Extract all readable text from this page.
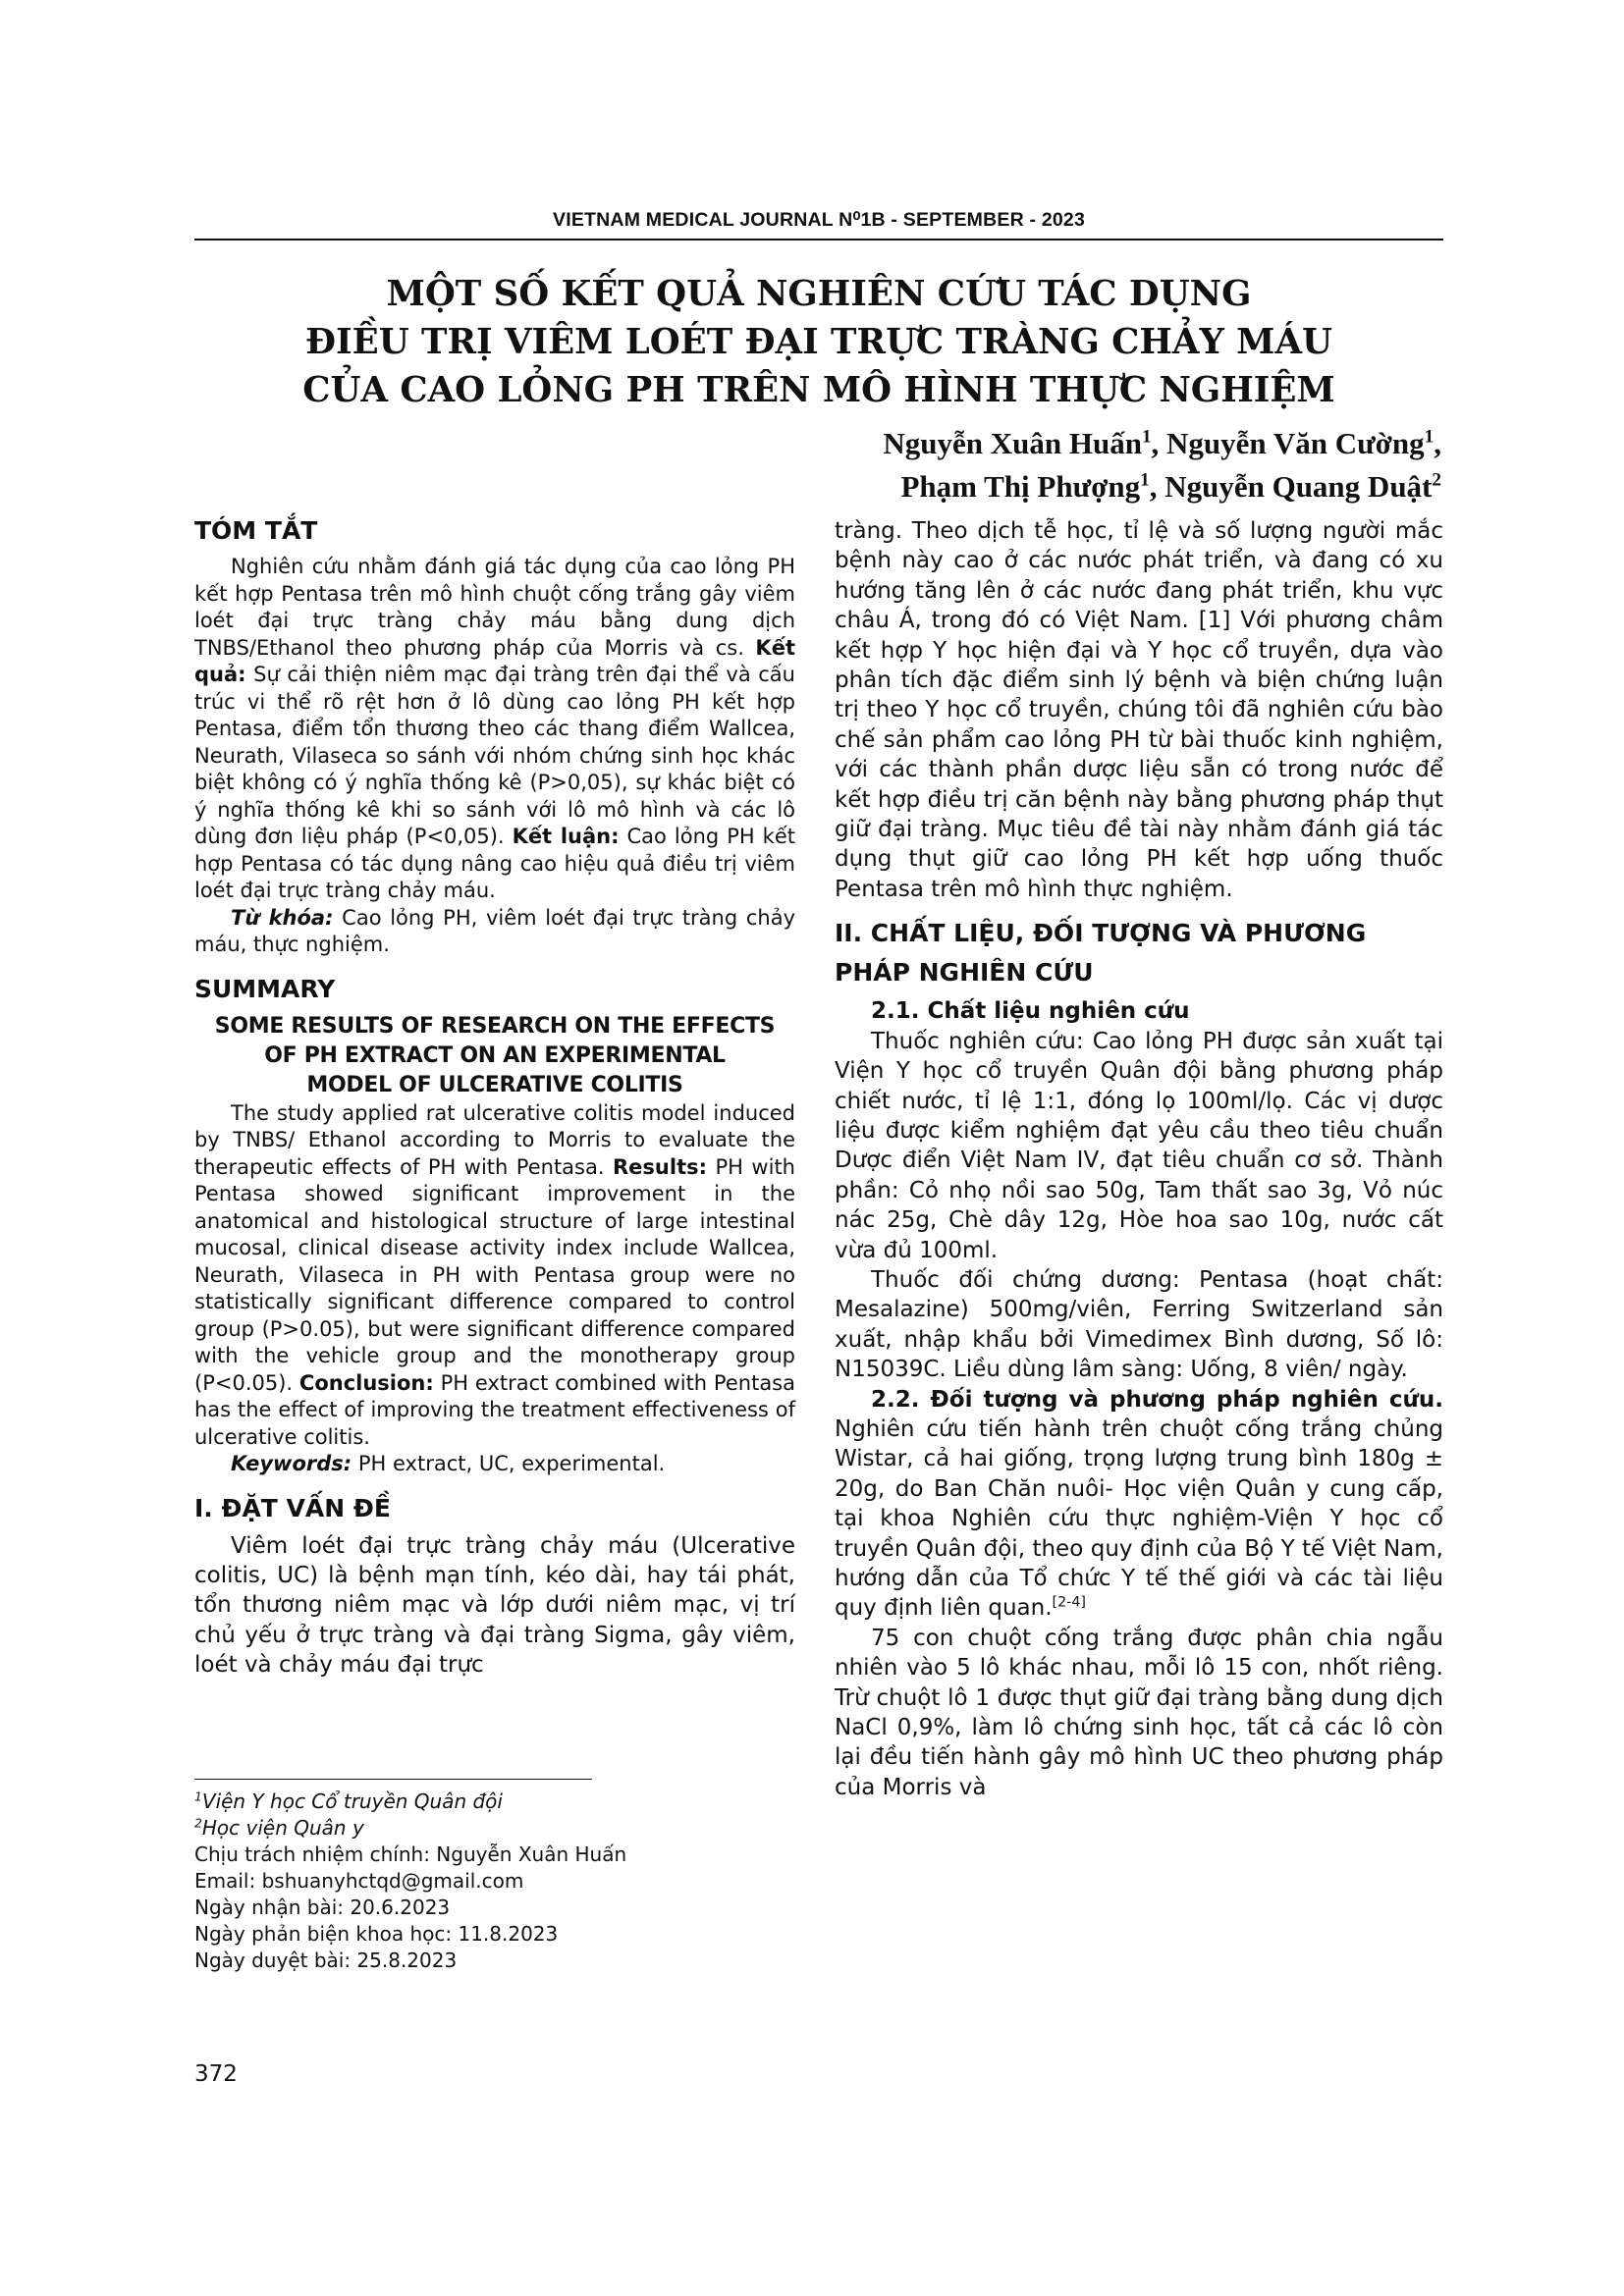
VIETNAM MEDICAL JOURNAL N⁰1B - SEPTEMBER - 2023
MỘT SỐ KẾT QUẢ NGHIÊN CỨU TÁC DỤNG
ĐIỀU TRỊ VIÊM LOÉT ĐẠI TRỰC TRÀNG CHẢY MÁU
CỦA CAO LỎNG PH TRÊN MÔ HÌNH THỰC NGHIỆM
Nguyễn Xuân Huấn$^1$, Nguyễn Văn Cường$^1$,
Phạm Thị Phượng$^1$, Nguyễn Quang Duật$^2$
TÓM TẮT

Nghiên cứu nhằm đánh giá tác dụng của cao lỏng PH kết hợp Pentasa trên mô hình chuột cống trắng gây viêm loét đại trực tràng chảy máu bằng dung dịch TNBS/Ethanol theo phương pháp của Morris và cs. Kết quả: Sự cải thiện niêm mạc đại tràng trên đại thể và cấu trúc vi thể rõ rệt hơn ở lô dùng cao lỏng PH kết hợp Pentasa, điểm tổn thương theo các thang điểm Wallcea, Neurath, Vilaseca so sánh với nhóm chứng sinh học khác biệt không có ý nghĩa thống kê (P>0,05), sự khác biệt có ý nghĩa thống kê khi so sánh với lô mô hình và các lô dùng đơn liệu pháp (P<0,05). Kết luận: Cao lỏng PH kết hợp Pentasa có tác dụng nâng cao hiệu quả điều trị viêm loét đại trực tràng chảy máu.

Từ khóa: Cao lỏng PH, viêm loét đại trực tràng chảy máu, thực nghiệm.

SUMMARY
SOME RESULTS OF RESEARCH ON THE EFFECTS
OF PH EXTRACT ON AN EXPERIMENTAL
MODEL OF ULCERATIVE COLITIS

The study applied rat ulcerative colitis model induced by TNBS/ Ethanol according to Morris to evaluate the therapeutic effects of PH with Pentasa. Results: PH with Pentasa showed significant improvement in the anatomical and histological structure of large intestinal mucosal, clinical disease activity index include Wallcea, Neurath, Vilaseca in PH with Pentasa group were no statistically significant difference compared to control group (P>0.05), but were significant difference compared with the vehicle group and the monotherapy group (P<0.05). Conclusion: PH extract combined with Pentasa has the effect of improving the treatment effectiveness of ulcerative colitis.

Keywords: PH extract, UC, experimental.

I. ĐẶT VẤN ĐỀ

Viêm loét đại trực tràng chảy máu (Ulcerative colitis, UC) là bệnh mạn tính, kéo dài, hay tái phát, tổn thương niêm mạc và lớp dưới niêm mạc, vị trí chủ yếu ở trực tràng và đại tràng Sigma, gây viêm, loét và chảy máu đại trực

tràng. Theo dịch tễ học, tỉ lệ và số lượng người mắc bệnh này cao ở các nước phát triển, và đang có xu hướng tăng lên ở các nước đang phát triển, khu vực châu Á, trong đó có Việt Nam. [1] Với phương châm kết hợp Y học hiện đại và Y học cổ truyền, dựa vào phân tích đặc điểm sinh lý bệnh và biện chứng luận trị theo Y học cổ truyền, chúng tôi đã nghiên cứu bào chế sản phẩm cao lỏng PH từ bài thuốc kinh nghiệm, với các thành phần dược liệu sẵn có trong nước để kết hợp điều trị căn bệnh này bằng phương pháp thụt giữ đại tràng. Mục tiêu đề tài này nhằm đánh giá tác dụng thụt giữ cao lỏng PH kết hợp uống thuốc Pentasa trên mô hình thực nghiệm.

II. CHẤT LIỆU, ĐỐI TƯỢNG VÀ PHƯƠNG PHÁP NGHIÊN CỨU
2.1. Chất liệu nghiên cứu

Thuốc nghiên cứu: Cao lỏng PH được sản xuất tại Viện Y học cổ truyền Quân đội bằng phương pháp chiết nước, tỉ lệ 1:1, đóng lọ 100ml/lọ. Các vị dược liệu được kiểm nghiệm đạt yêu cầu theo tiêu chuẩn Dược điển Việt Nam IV, đạt tiêu chuẩn cơ sở. Thành phần: Cỏ nhọ nồi sao 50g, Tam thất sao 3g, Vỏ núc nác 25g, Chè dây 12g, Hòe hoa sao 10g, nước cất vừa đủ 100ml.

Thuốc đối chứng dương: Pentasa (hoạt chất: Mesalazine) 500mg/viên, Ferring Switzerland sản xuất, nhập khẩu bởi Vimedimex Bình dương, Số lô: N15039C. Liều dùng lâm sàng: Uống, 8 viên/ ngày.

2.2. Đối tượng và phương pháp nghiên cứu. Nghiên cứu tiến hành trên chuột cống trắng chủng Wistar, cả hai giống, trọng lượng trung bình 180g ± 20g, do Ban Chăn nuôi- Học viện Quân y cung cấp, tại khoa Nghiên cứu thực nghiệm-Viện Y học cổ truyền Quân đội, theo quy định của Bộ Y tế Việt Nam, hướng dẫn của Tổ chức Y tế thế giới và các tài liệu quy định liên quan.[2-4]

75 con chuột cống trắng được phân chia ngẫu nhiên vào 5 lô khác nhau, mỗi lô 15 con, nhốt riêng. Trừ chuột lô 1 được thụt giữ đại tràng bằng dung dịch NaCl 0,9%, làm lô chứng sinh học, tất cả các lô còn lại đều tiến hành gây mô hình UC theo phương pháp của Morris và

$^1$Viện Y học Cổ truyền Quân đội
$^2$Học viện Quân y
Chịu trách nhiệm chính: Nguyễn Xuân Huấn
Email: bshuanyhctqd@gmail.com
Ngày nhận bài: 20.6.2023
Ngày phản biện khoa học: 11.8.2023
Ngày duyệt bài: 25.8.2023
372
